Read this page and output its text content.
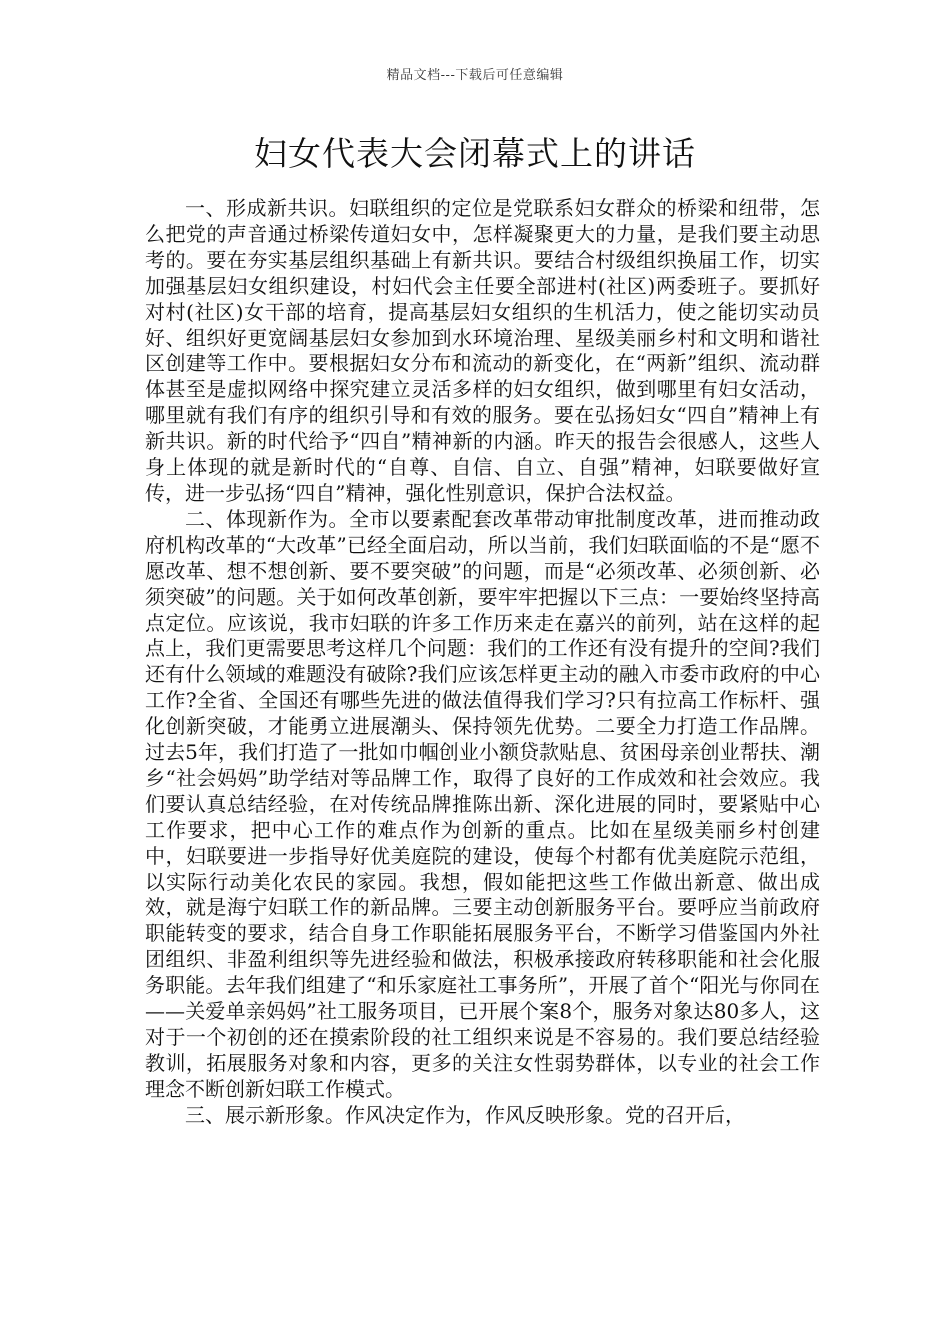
精品文档---下载后可任意编辑
妇女代表大会闭幕式上的讲话

一、形成新共识。妇联组织的定位是党联系妇女群众的桥梁和纽带，怎么把党的声音通过桥梁传道妇女中，怎样凝聚更大的力量，是我们要主动思考的。要在夯实基层组织基础上有新共识。要结合村级组织换届工作，切实加强基层妇女组织建设，村妇代会主任要全部进村(社区)两委班子。要抓好对村(社区)女干部的培育，提高基层妇女组织的生机活力，使之能切实动员好、组织好更宽阔基层妇女参加到水环境治理、星级美丽乡村和文明和谐社区创建等工作中。要根据妇女分布和流动的新变化，在“两新”组织、流动群体甚至是虚拟网络中探究建立灵活多样的妇女组织，做到哪里有妇女活动，哪里就有我们有序的组织引导和有效的服务。要在弘扬妇女“四自”精神上有新共识。新的时代给予“四自”精神新的内涵。昨天的报告会很感人，这些人身上体现的就是新时代的“自尊、自信、自立、自强”精神，妇联要做好宣传，进一步弘扬“四自”精神，强化性别意识，保护合法权益。

二、体现新作为。全市以要素配套改革带动审批制度改革，进而推动政府机构改革的“大改革”已经全面启动，所以当前，我们妇联面临的不是“愿不愿改革、想不想创新、要不要突破”的问题，而是“必须改革、必须创新、必须突破”的问题。关于如何改革创新，要牢牢把握以下三点：一要始终坚持高点定位。应该说，我市妇联的许多工作历来走在嘉兴的前列，站在这样的起点上，我们更需要思考这样几个问题：我们的工作还有没有提升的空间?我们还有什么领域的难题没有破除?我们应该怎样更主动的融入市委市政府的中心工作?全省、全国还有哪些先进的做法值得我们学习?只有拉高工作标杆、强化创新突破，才能勇立进展潮头、保持领先优势。二要全力打造工作品牌。过去5年，我们打造了一批如巾帼创业小额贷款贴息、贫困母亲创业帮扶、潮乡“社会妈妈”助学结对等品牌工作，取得了良好的工作成效和社会效应。我们要认真总结经验，在对传统品牌推陈出新、深化进展的同时，要紧贴中心工作要求，把中心工作的难点作为创新的重点。比如在星级美丽乡村创建中，妇联要进一步指导好优美庭院的建设，使每个村都有优美庭院示范组，以实际行动美化农民的家园。我想，假如能把这些工作做出新意、做出成效，就是海宁妇联工作的新品牌。三要主动创新服务平台。要呼应当前政府职能转变的要求，结合自身工作职能拓展服务平台，不断学习借鉴国内外社团组织、非盈利组织等先进经验和做法，积极承接政府转移职能和社会化服务职能。去年我们组建了“和乐家庭社工事务所”，开展了首个“阳光与你同在——关爱单亲妈妈”社工服务项目，已开展个案8个，服务对象达80多人，这对于一个初创的还在摸索阶段的社工组织来说是不容易的。我们要总结经验教训，拓展服务对象和内容，更多的关注女性弱势群体，以专业的社会工作理念不断创新妇联工作模式。

三、展示新形象。作风决定作为，作风反映形象。党的召开后，
